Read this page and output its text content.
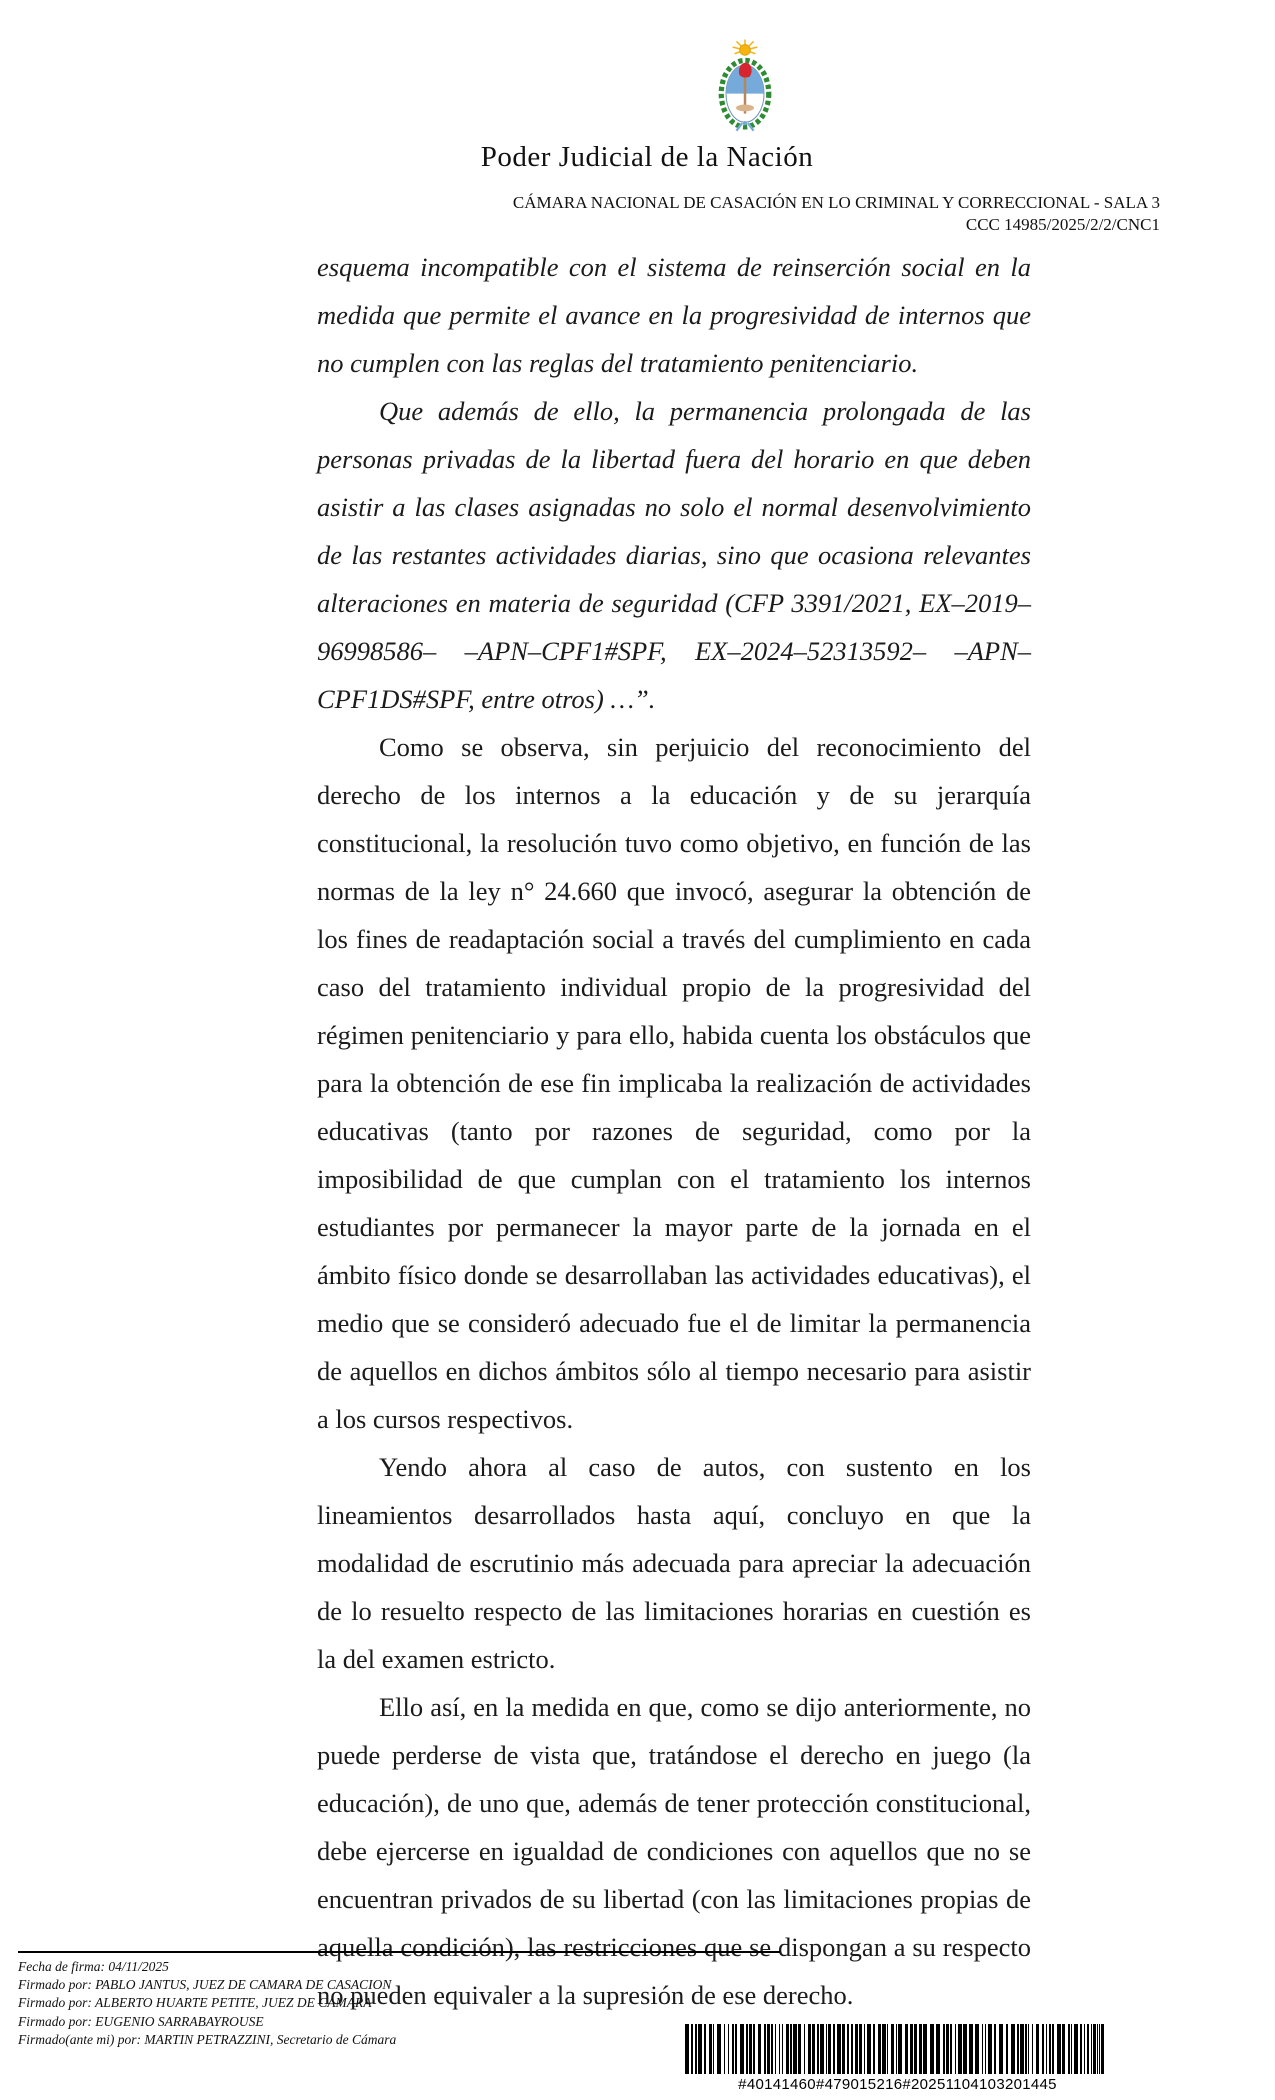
Poder Judicial de la Nación
CÁMARA NACIONAL DE CASACIÓN EN LO CRIMINAL Y CORRECCIONAL - SALA 3
CCC 14985/2025/2/2/CNC1

esquema incompatible con el sistema de reinserción social en la medida que permite el avance en la progresividad de internos que no cumplen con las reglas del tratamiento penitenciario.

Que además de ello, la permanencia prolongada de las personas privadas de la libertad fuera del horario en que deben asistir a las clases asignadas no solo el normal desenvolvimiento de las restantes actividades diarias, sino que ocasiona relevantes alteraciones en materia de seguridad (CFP 3391/2021, EX–2019–96998586– –APN–CPF1#SPF, EX–2024–52313592– –APN–CPF1DS#SPF, entre otros) …”.

Como se observa, sin perjuicio del reconocimiento del derecho de los internos a la educación y de su jerarquía constitucional, la resolución tuvo como objetivo, en función de las normas de la ley n° 24.660 que invocó, asegurar la obtención de los fines de readaptación social a través del cumplimiento en cada caso del tratamiento individual propio de la progresividad del régimen penitenciario y para ello, habida cuenta los obstáculos que para la obtención de ese fin implicaba la realización de actividades educativas (tanto por razones de seguridad, como por la imposibilidad de que cumplan con el tratamiento los internos estudiantes por permanecer la mayor parte de la jornada en el ámbito físico donde se desarrollaban las actividades educativas), el medio que se consideró adecuado fue el de limitar la permanencia de aquellos en dichos ámbitos sólo al tiempo necesario para asistir a los cursos respectivos.

Yendo ahora al caso de autos, con sustento en los lineamientos desarrollados hasta aquí, concluyo en que la modalidad de escrutinio más adecuada para apreciar la adecuación de lo resuelto respecto de las limitaciones horarias en cuestión es la del examen estricto.

Ello así, en la medida en que, como se dijo anteriormente, no puede perderse de vista que, tratándose el derecho en juego (la educación), de uno que, además de tener protección constitucional, debe ejercerse en igualdad de condiciones con aquellos que no se encuentran privados de su libertad (con las limitaciones propias de aquella condición), las restricciones que se dispongan a su respecto no pueden equivaler a la supresión de ese derecho.

Fecha de firma: 04/11/2025
Firmado por: PABLO JANTUS, JUEZ DE CAMARA DE CASACION
Firmado por: ALBERTO HUARTE PETITE, JUEZ DE CAMARA
Firmado por: EUGENIO SARRABAYROUSE
Firmado(ante mi) por: MARTIN PETRAZZINI, Secretario de Cámara
#40141460#479015216#20251104103201445
